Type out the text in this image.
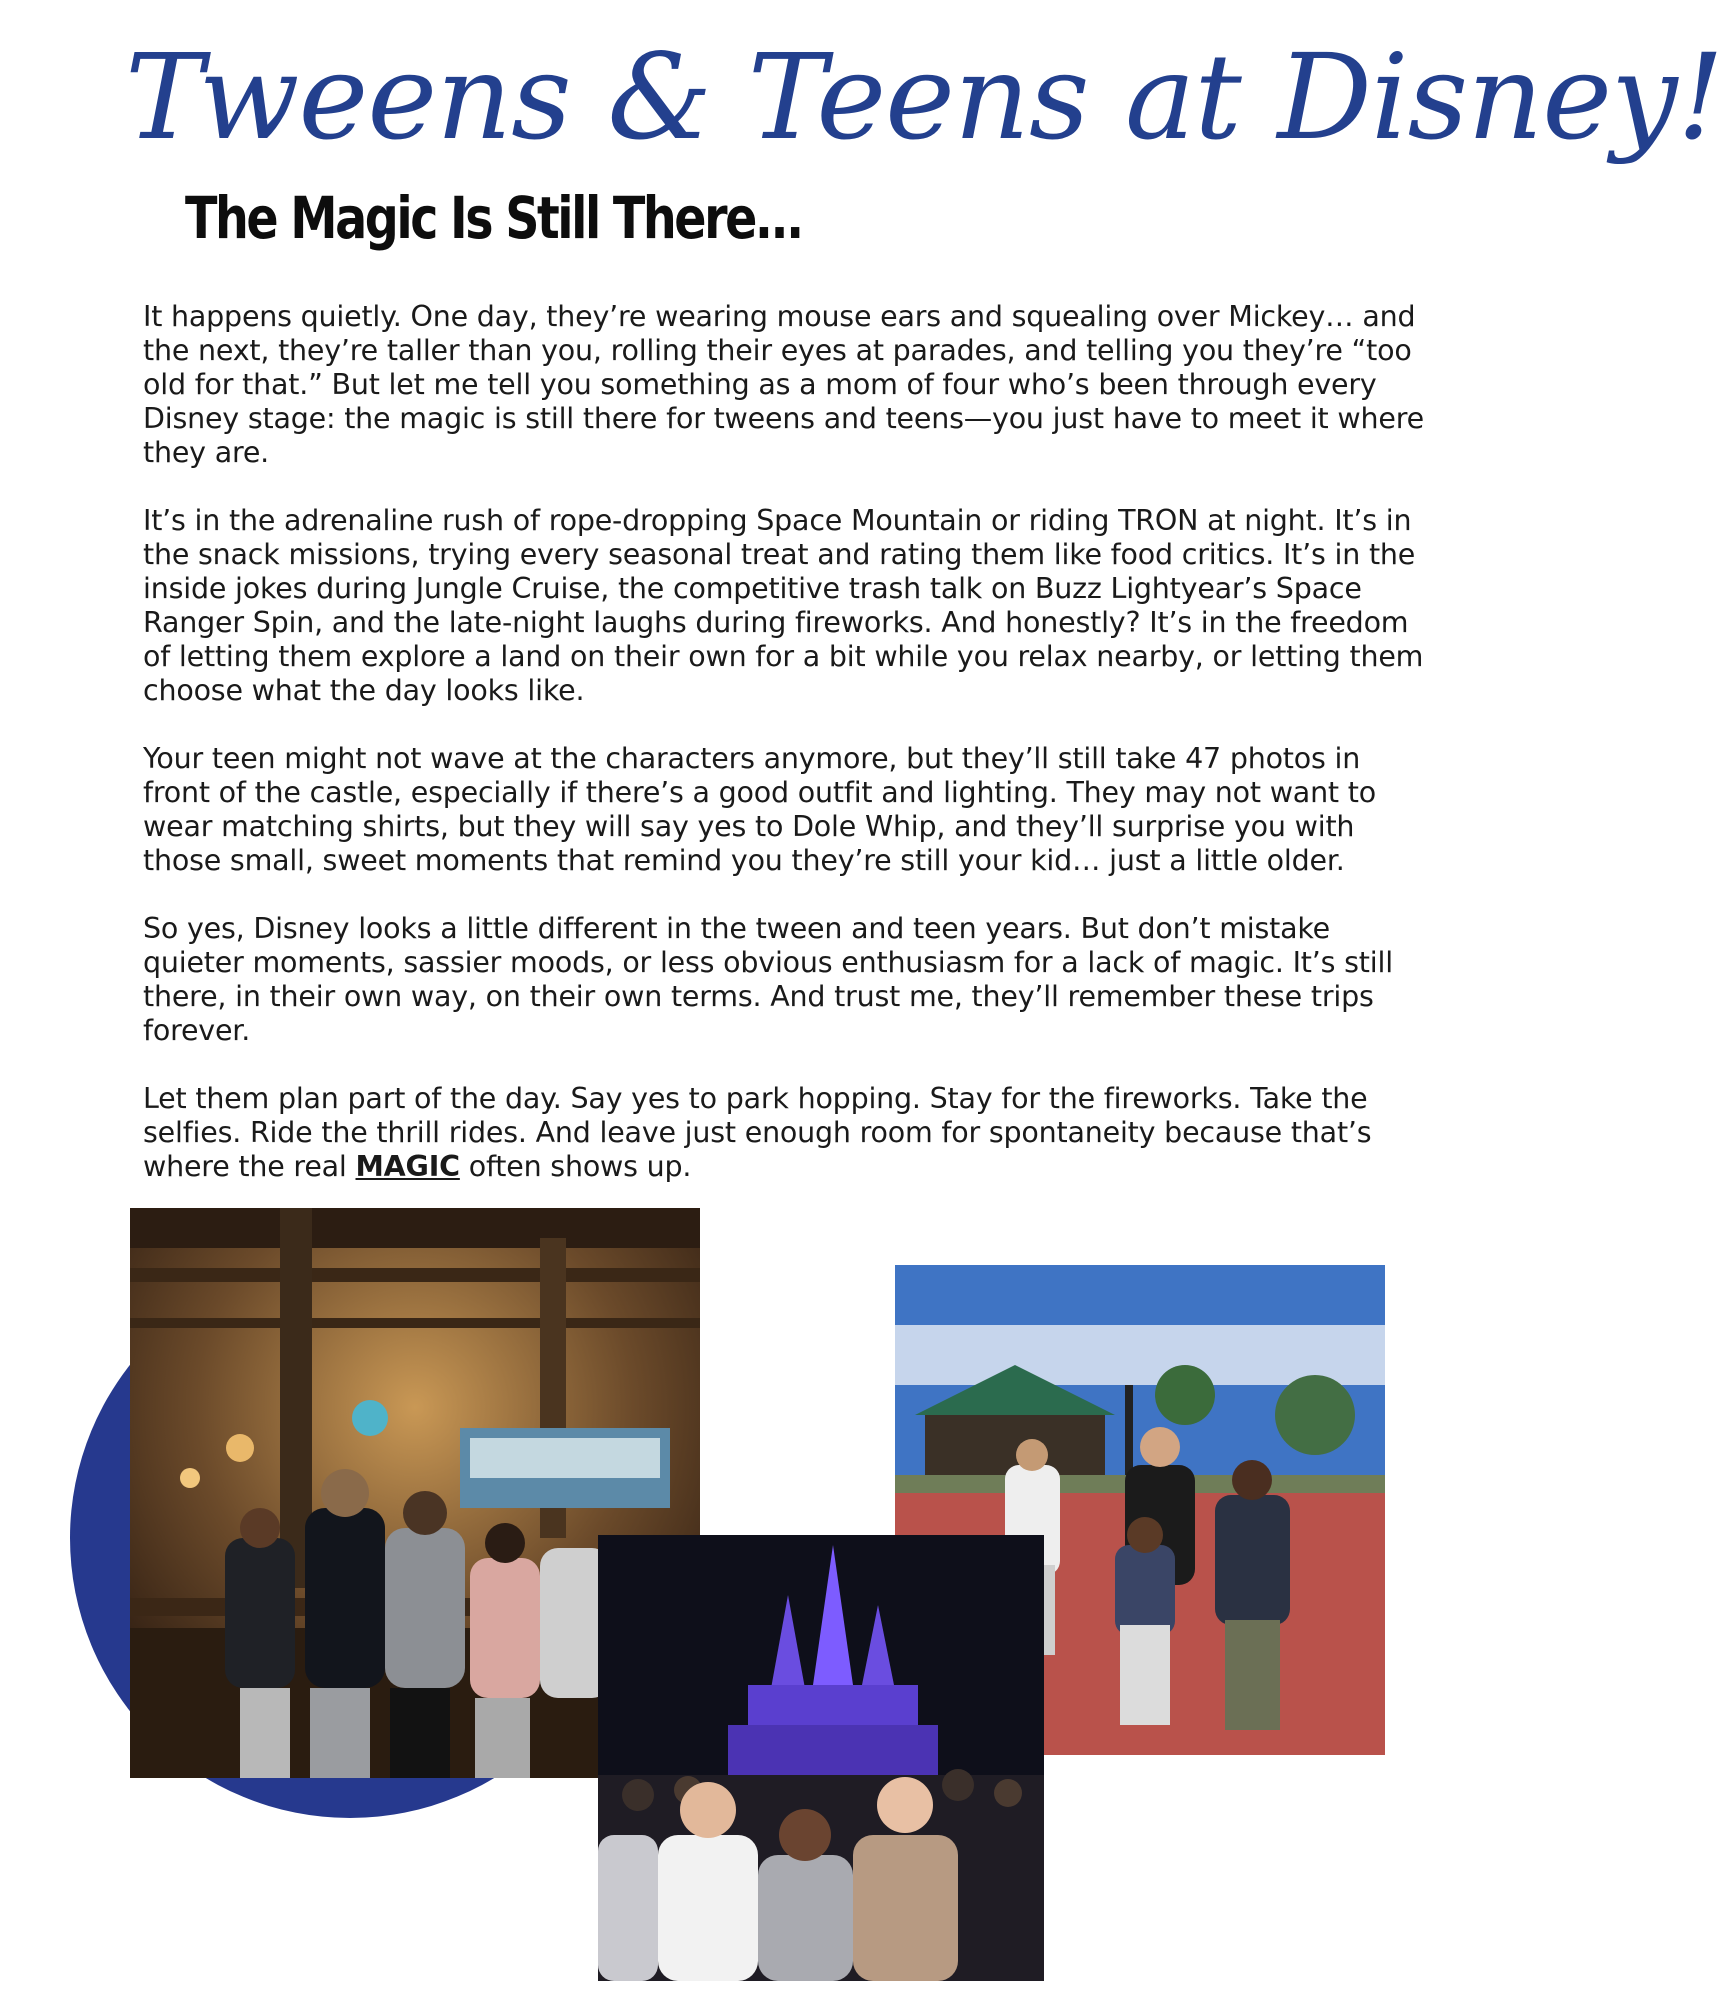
Tweens & Teens at Disney!
The Magic Is Still There...

It happens quietly. One day, they’re wearing mouse ears and squealing over Mickey… and the next, they’re taller than you, rolling their eyes at parades, and telling you they’re “too old for that.” But let me tell you something as a mom of four who’s been through every Disney stage: the magic is still there for tweens and teens—you just have to meet it where they are.

It’s in the adrenaline rush of rope-dropping Space Mountain or riding TRON at night. It’s in the snack missions, trying every seasonal treat and rating them like food critics. It’s in the inside jokes during Jungle Cruise, the competitive trash talk on Buzz Lightyear’s Space Ranger Spin, and the late-night laughs during fireworks. And honestly? It’s in the freedom of letting them explore a land on their own for a bit while you relax nearby, or letting them choose what the day looks like.

Your teen might not wave at the characters anymore, but they’ll still take 47 photos in front of the castle, especially if there’s a good outfit and lighting. They may not want to wear matching shirts, but they will say yes to Dole Whip, and they’ll surprise you with those small, sweet moments that remind you they’re still your kid… just a little older.

So yes, Disney looks a little different in the tween and teen years. But don’t mistake quieter moments, sassier moods, or less obvious enthusiasm for a lack of magic. It’s still there, in their own way, on their own terms. And trust me, they’ll remember these trips forever.

Let them plan part of the day. Say yes to park hopping. Stay for the fireworks. Take the selfies. Ride the thrill rides. And leave just enough room for spontaneity because that’s where the real MAGIC often shows up.
